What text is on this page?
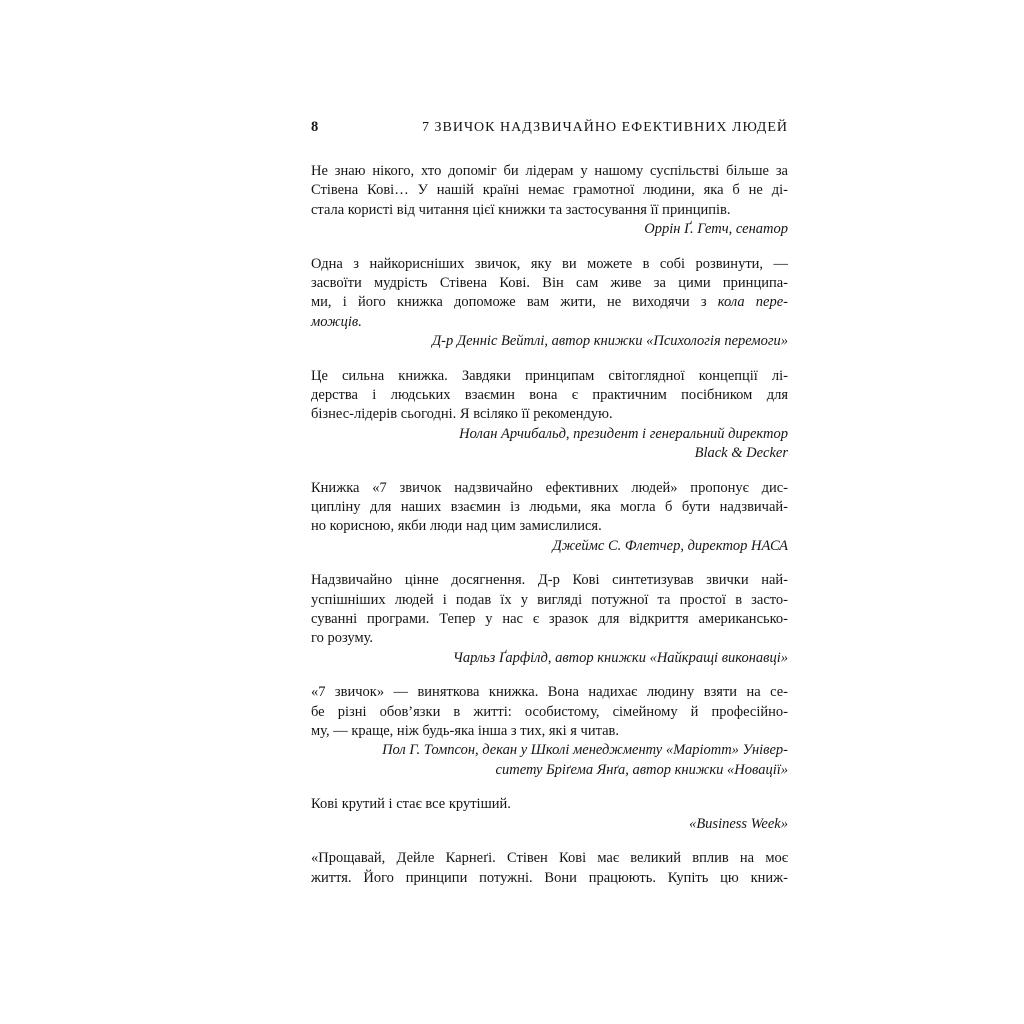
8	7 ЗВИЧОК НАДЗВИЧАЙНО ЕФЕКТИВНИХ ЛЮДЕЙ
Не знаю нікого, хто допоміг би лідерам у нашому суспільстві більше за
Стівена Кові… У нашій країні немає грамотної людини, яка б не ді-
стала користі від читання цієї книжки та застосування її принципів.
Оррін Ґ. Гетч, сенатор
Одна з найкорисніших звичок, яку ви можете в собі розвинути, —
засвоїти мудрість Стівена Кові. Він сам живе за цими принципа-
ми, і його книжка допоможе вам жити, не виходячи з кола пере-
можців.
Д-р Денніс Вейтлі, автор книжки «Психологія перемоги»
Це сильна книжка. Завдяки принципам світоглядної концепції лі-
дерства і людських взаємин вона є практичним посібником для
бізнес-лідерів сьогодні. Я всіляко її рекомендую.
Нолан Арчибальд, президент і генеральний директор
Black & Decker
Книжка «7 звичок надзвичайно ефективних людей» пропонує дис-
ципліну для наших взаємин із людьми, яка могла б бути надзвичай-
но корисною, якби люди над цим замислилися.
Джеймс С. Флетчер, директор НАСА
Надзвичайно цінне досягнення. Д-р Кові синтетизував звички най-
успішніших людей і подав їх у вигляді потужної та простої в засто-
суванні програми. Тепер у нас є зразок для відкриття американсько-
го розуму.
Чарльз Ґарфілд, автор книжки «Найкращі виконавці»
«7 звичок» — виняткова книжка. Вона надихає людину взяти на се-
бе різні обов’язки в житті: особистому, сімейному й професійно-
му, — краще, ніж будь-яка інша з тих, які я читав.
Пол Г. Томпсон, декан у Школі менеджменту «Маріотт» Універ-
ситету Бріґема Янґа, автор книжки «Новації»
Кові крутий і стає все крутіший.
«Business Week»
«Прощавай, Дейле Карнеґі. Стівен Кові має великий вплив на моє
життя. Його принципи потужні. Вони працюють. Купіть цю книж-
